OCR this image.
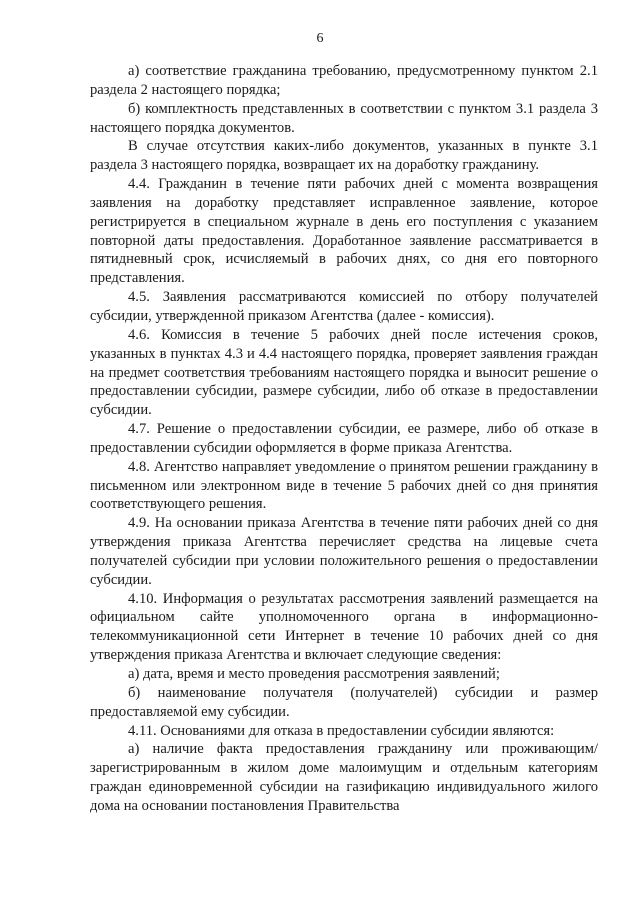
6

а) соответствие гражданина требованию, предусмотренному пунктом 2.1 раздела 2 настоящего порядка;

б) комплектность представленных в соответствии с пунктом 3.1 раздела 3 настоящего порядка документов.

В случае отсутствия каких-либо документов, указанных в пункте 3.1 раздела 3 настоящего порядка, возвращает их на доработку гражданину.

4.4. Гражданин в течение пяти рабочих дней с момента возвращения заявления на доработку представляет исправленное заявление, которое регистрируется в специальном журнале в день его поступления с указанием повторной даты предоставления. Доработанное заявление рассматривается в пятидневный срок, исчисляемый в рабочих днях, со дня его повторного представления.

4.5. Заявления рассматриваются комиссией по отбору получателей субсидии, утвержденной приказом Агентства (далее - комиссия).

4.6. Комиссия в течение 5 рабочих дней после истечения сроков, указанных в пунктах 4.3 и 4.4 настоящего порядка, проверяет заявления граждан на предмет соответствия требованиям настоящего порядка и выносит решение о предоставлении субсидии, размере субсидии, либо об отказе в предоставлении субсидии.

4.7. Решение о предоставлении субсидии, ее размере, либо об отказе в предоставлении субсидии оформляется в форме приказа Агентства.

4.8. Агентство направляет уведомление о принятом решении гражданину в письменном или электронном виде в течение 5 рабочих дней со дня принятия соответствующего решения.

4.9. На основании приказа Агентства в течение пяти рабочих дней со дня утверждения приказа Агентства перечисляет средства на лицевые счета получателей субсидии при условии положительного решения о предоставлении субсидии.

4.10. Информация о результатах рассмотрения заявлений размещается на официальном сайте уполномоченного органа в информационно-телекоммуникационной сети Интернет в течение 10 рабочих дней со дня утверждения приказа Агентства и включает следующие сведения:

а) дата, время и место проведения рассмотрения заявлений;

б) наименование получателя (получателей) субсидии и размер предоставляемой ему субсидии.

4.11. Основаниями для отказа в предоставлении субсидии являются:

а) наличие факта предоставления гражданину или проживающим/зарегистрированным в жилом доме малоимущим и отдельным категориям граждан единовременной субсидии на газификацию индивидуального жилого дома на основании постановления Правительства
